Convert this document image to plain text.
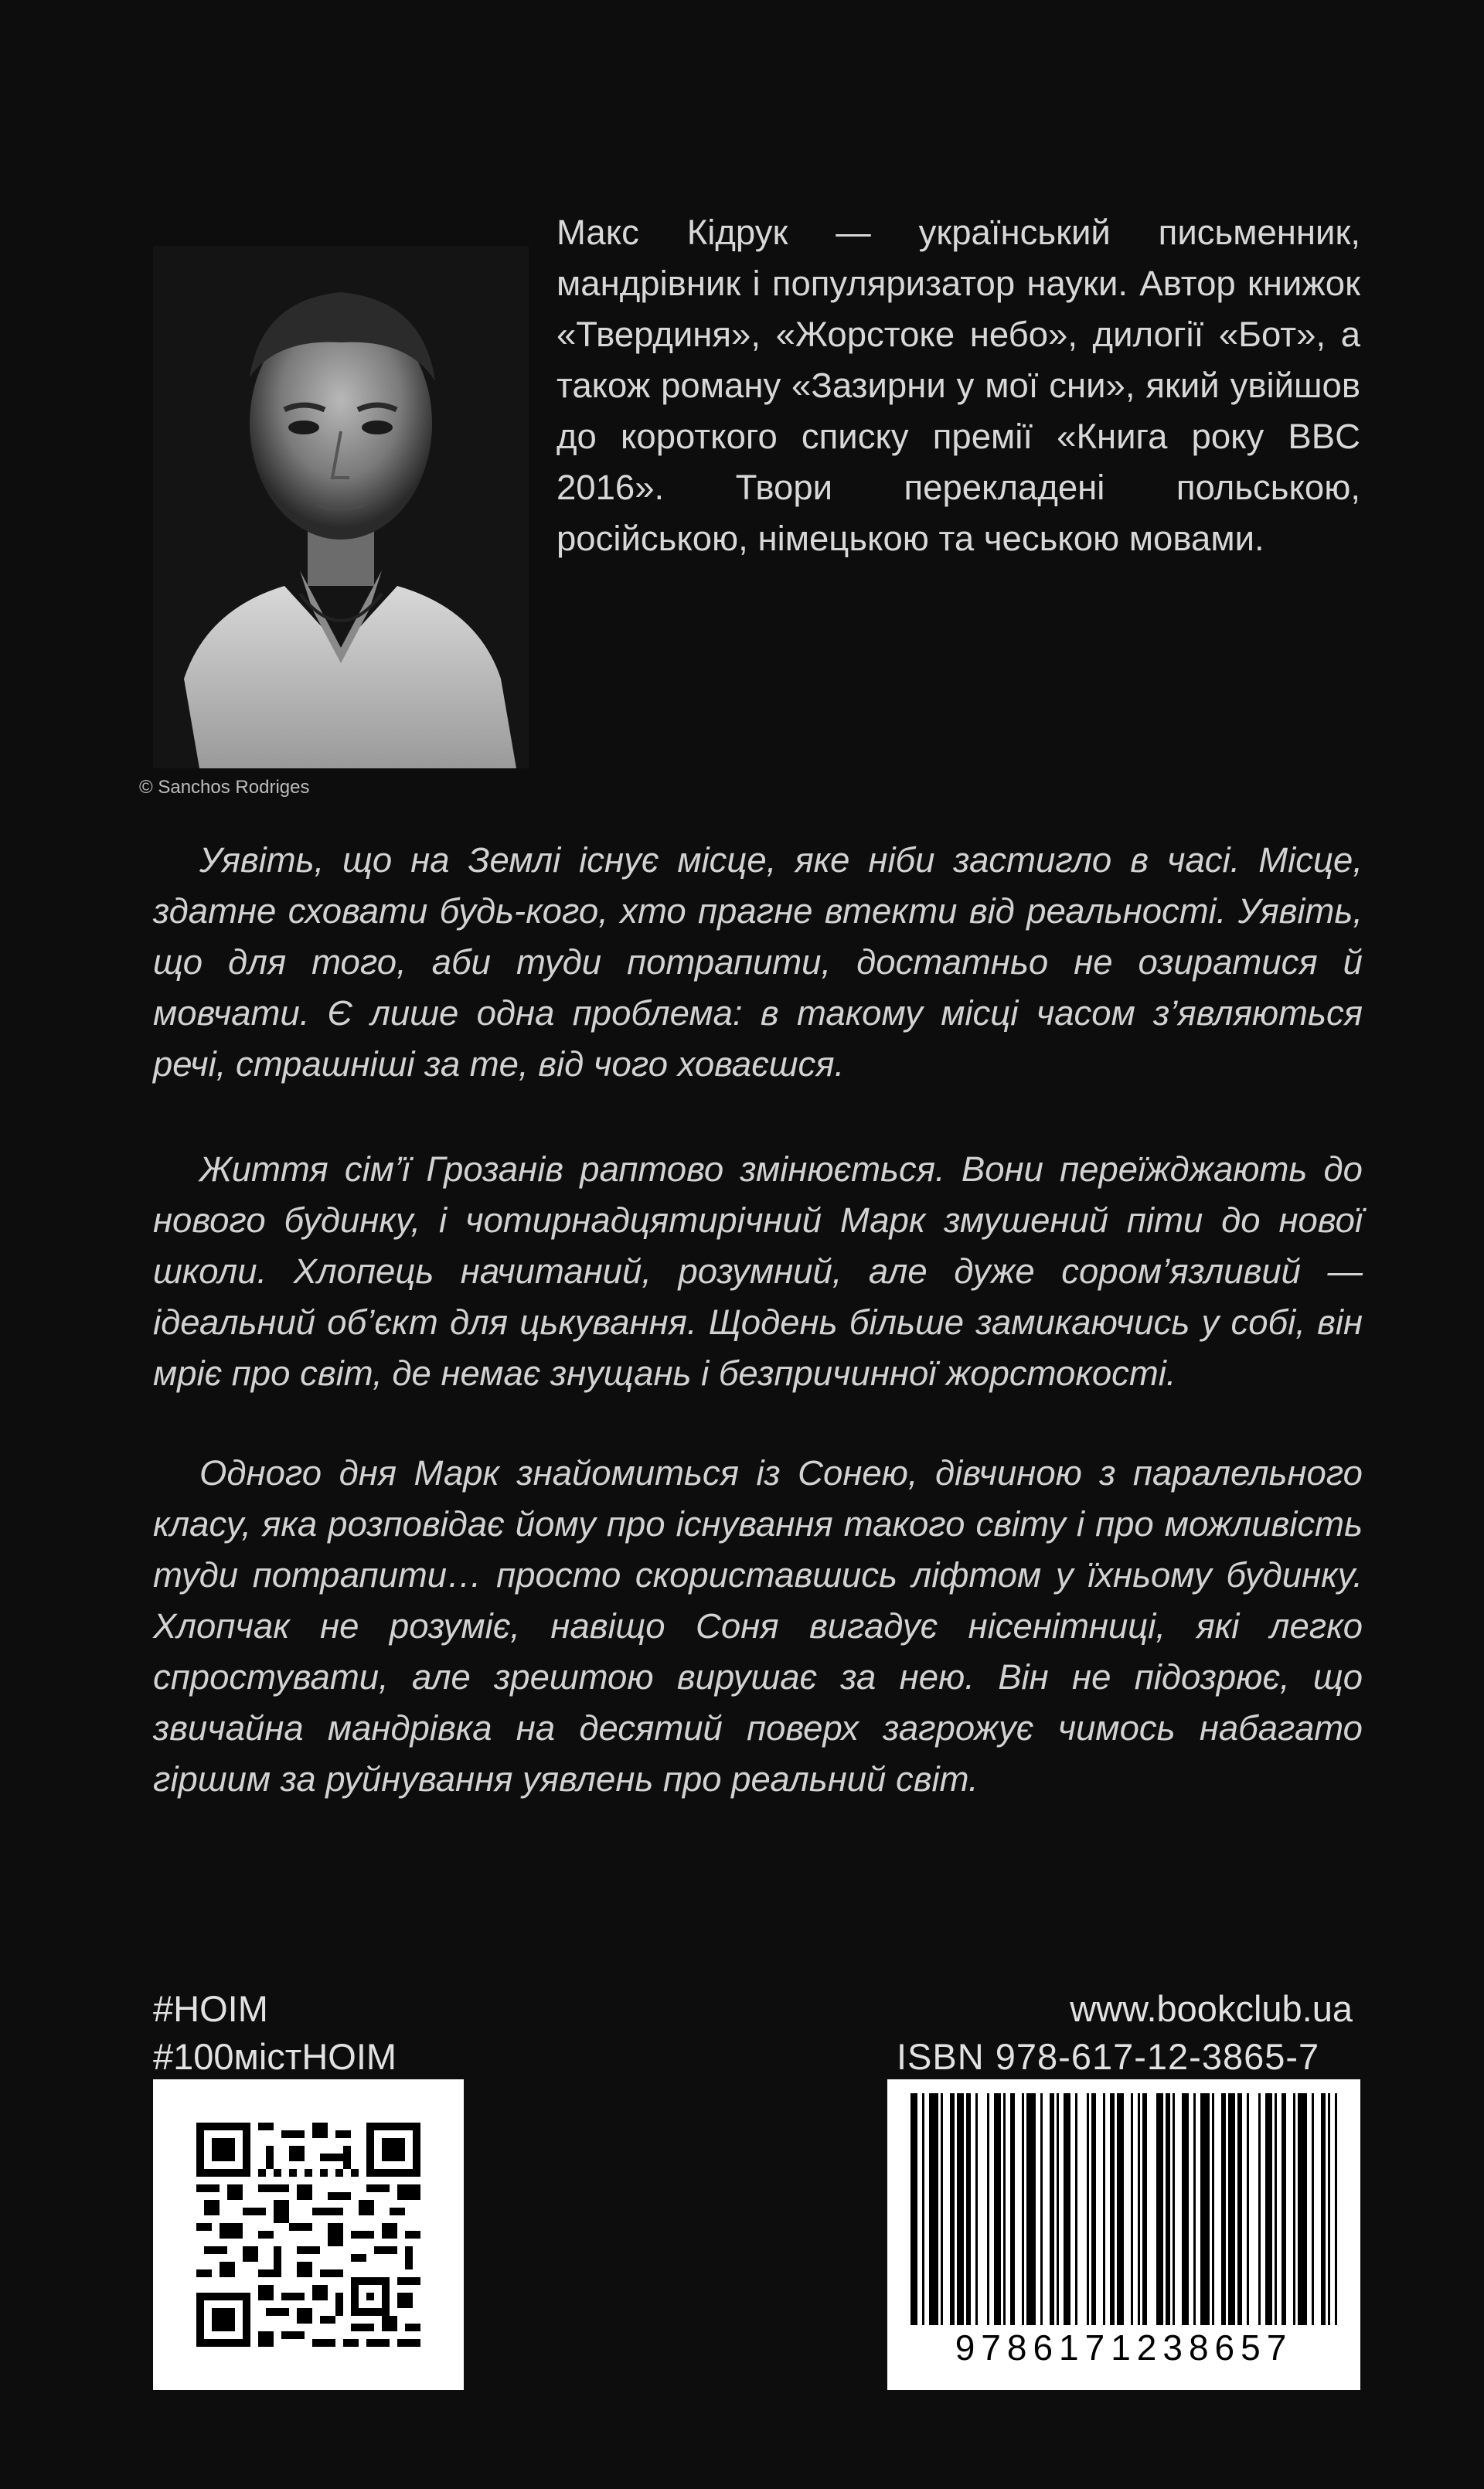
© Sanchos Rodriges
Макс Кідрук — український письменник, мандрівник і популяризатор науки. Автор книжок «Твердиня», «Жорстоке небо», дилогії «Бот», а також роману «Зазирни у мої сни», який увійшов до короткого списку премії «Книга року BBC 2016». Твори перекладені польською, російською, німецькою та чеською мовами.

Уявіть, що на Землі існує місце, яке ніби застигло в часі. Місце, здатне сховати будь-кого, хто прагне втекти від реальності. Уявіть, що для того, аби туди потрапити, достатньо не озиратися й мовчати. Є лише одна проблема: в такому місці часом з’являються речі, страшніші за те, від чого ховаєшся.

Життя сім’ї Грозанів раптово змінюється. Вони переїжджають до нового будинку, і чотирнадцятирічний Марк змушений піти до нової школи. Хлопець начитаний, розумний, але дуже сором’язливий — ідеальний об’єкт для цькування. Щодень більше замикаючись у собі, він мріє про світ, де немає знущань і безпричинної жорстокості.

Одного дня Марк знайомиться із Сонею, дівчиною з паралельного класу, яка розповідає йому про існування такого світу і про можливість туди потрапити… просто скориставшись ліфтом у їхньому будинку. Хлопчак не розуміє, навіщо Соня вигадує нісенітниці, які легко спростувати, але зрештою вирушає за нею. Він не підозрює, що звичайна мандрівка на десятий поверх загрожує чимось набагато гіршим за руйнування уявлень про реальний світ.

#HOIM
#100містHOIM
www.bookclub.ua
ISBN 978-617-12-3865-7
9786171238657
